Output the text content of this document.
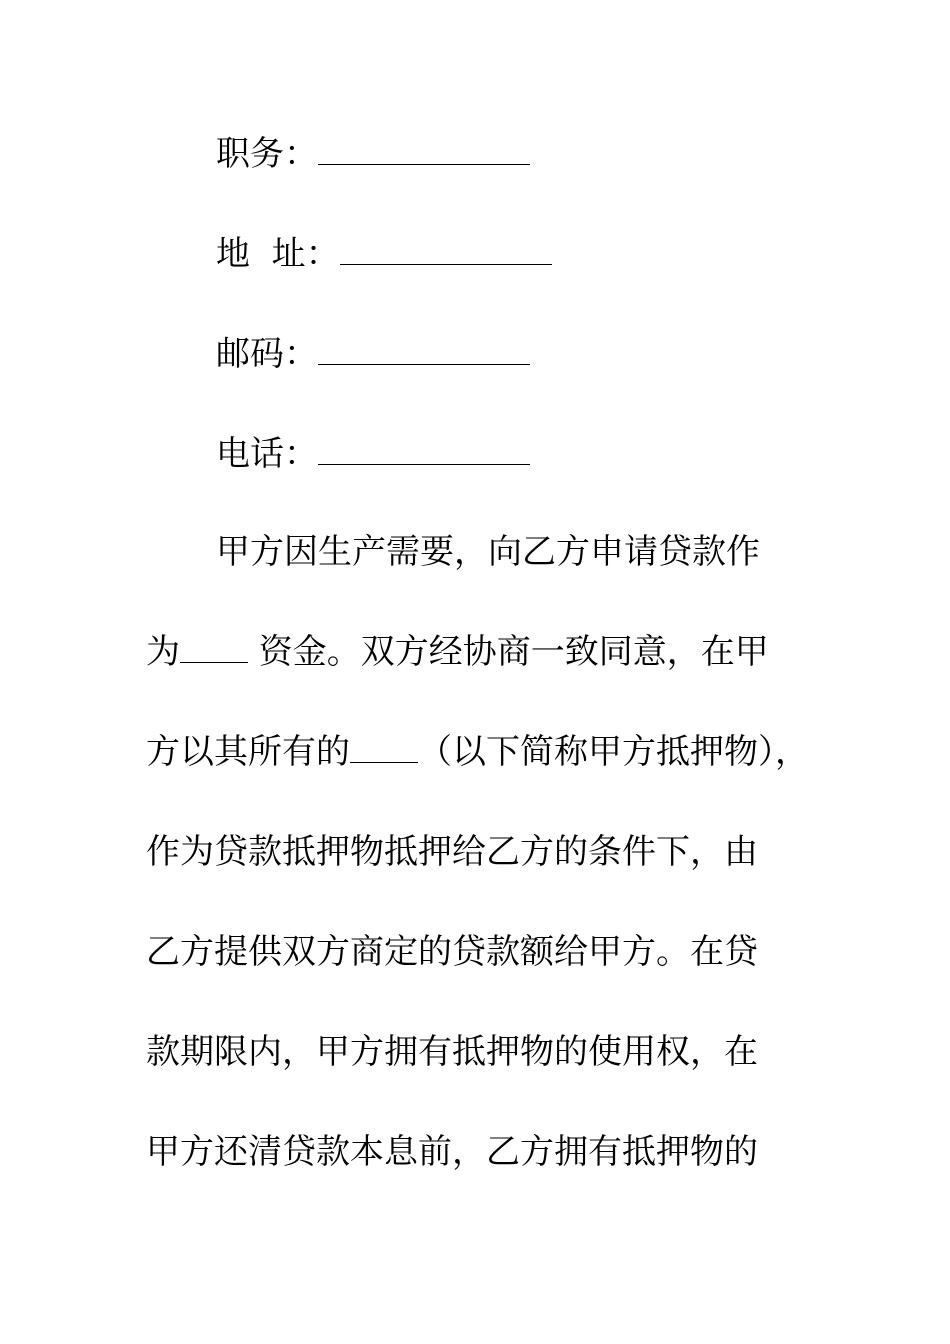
职务：
地  址：
邮码：
电话：
甲方因生产需要，向乙方申请贷款作
为 资金。双方经协商一致同意，在甲
方以其所有的 （以下简称甲方抵押物），
作为贷款抵押物抵押给乙方的条件下，由
乙方提供双方商定的贷款额给甲方。在贷
款期限内，甲方拥有抵押物的使用权，在
甲方还清贷款本息前，乙方拥有抵押物的
